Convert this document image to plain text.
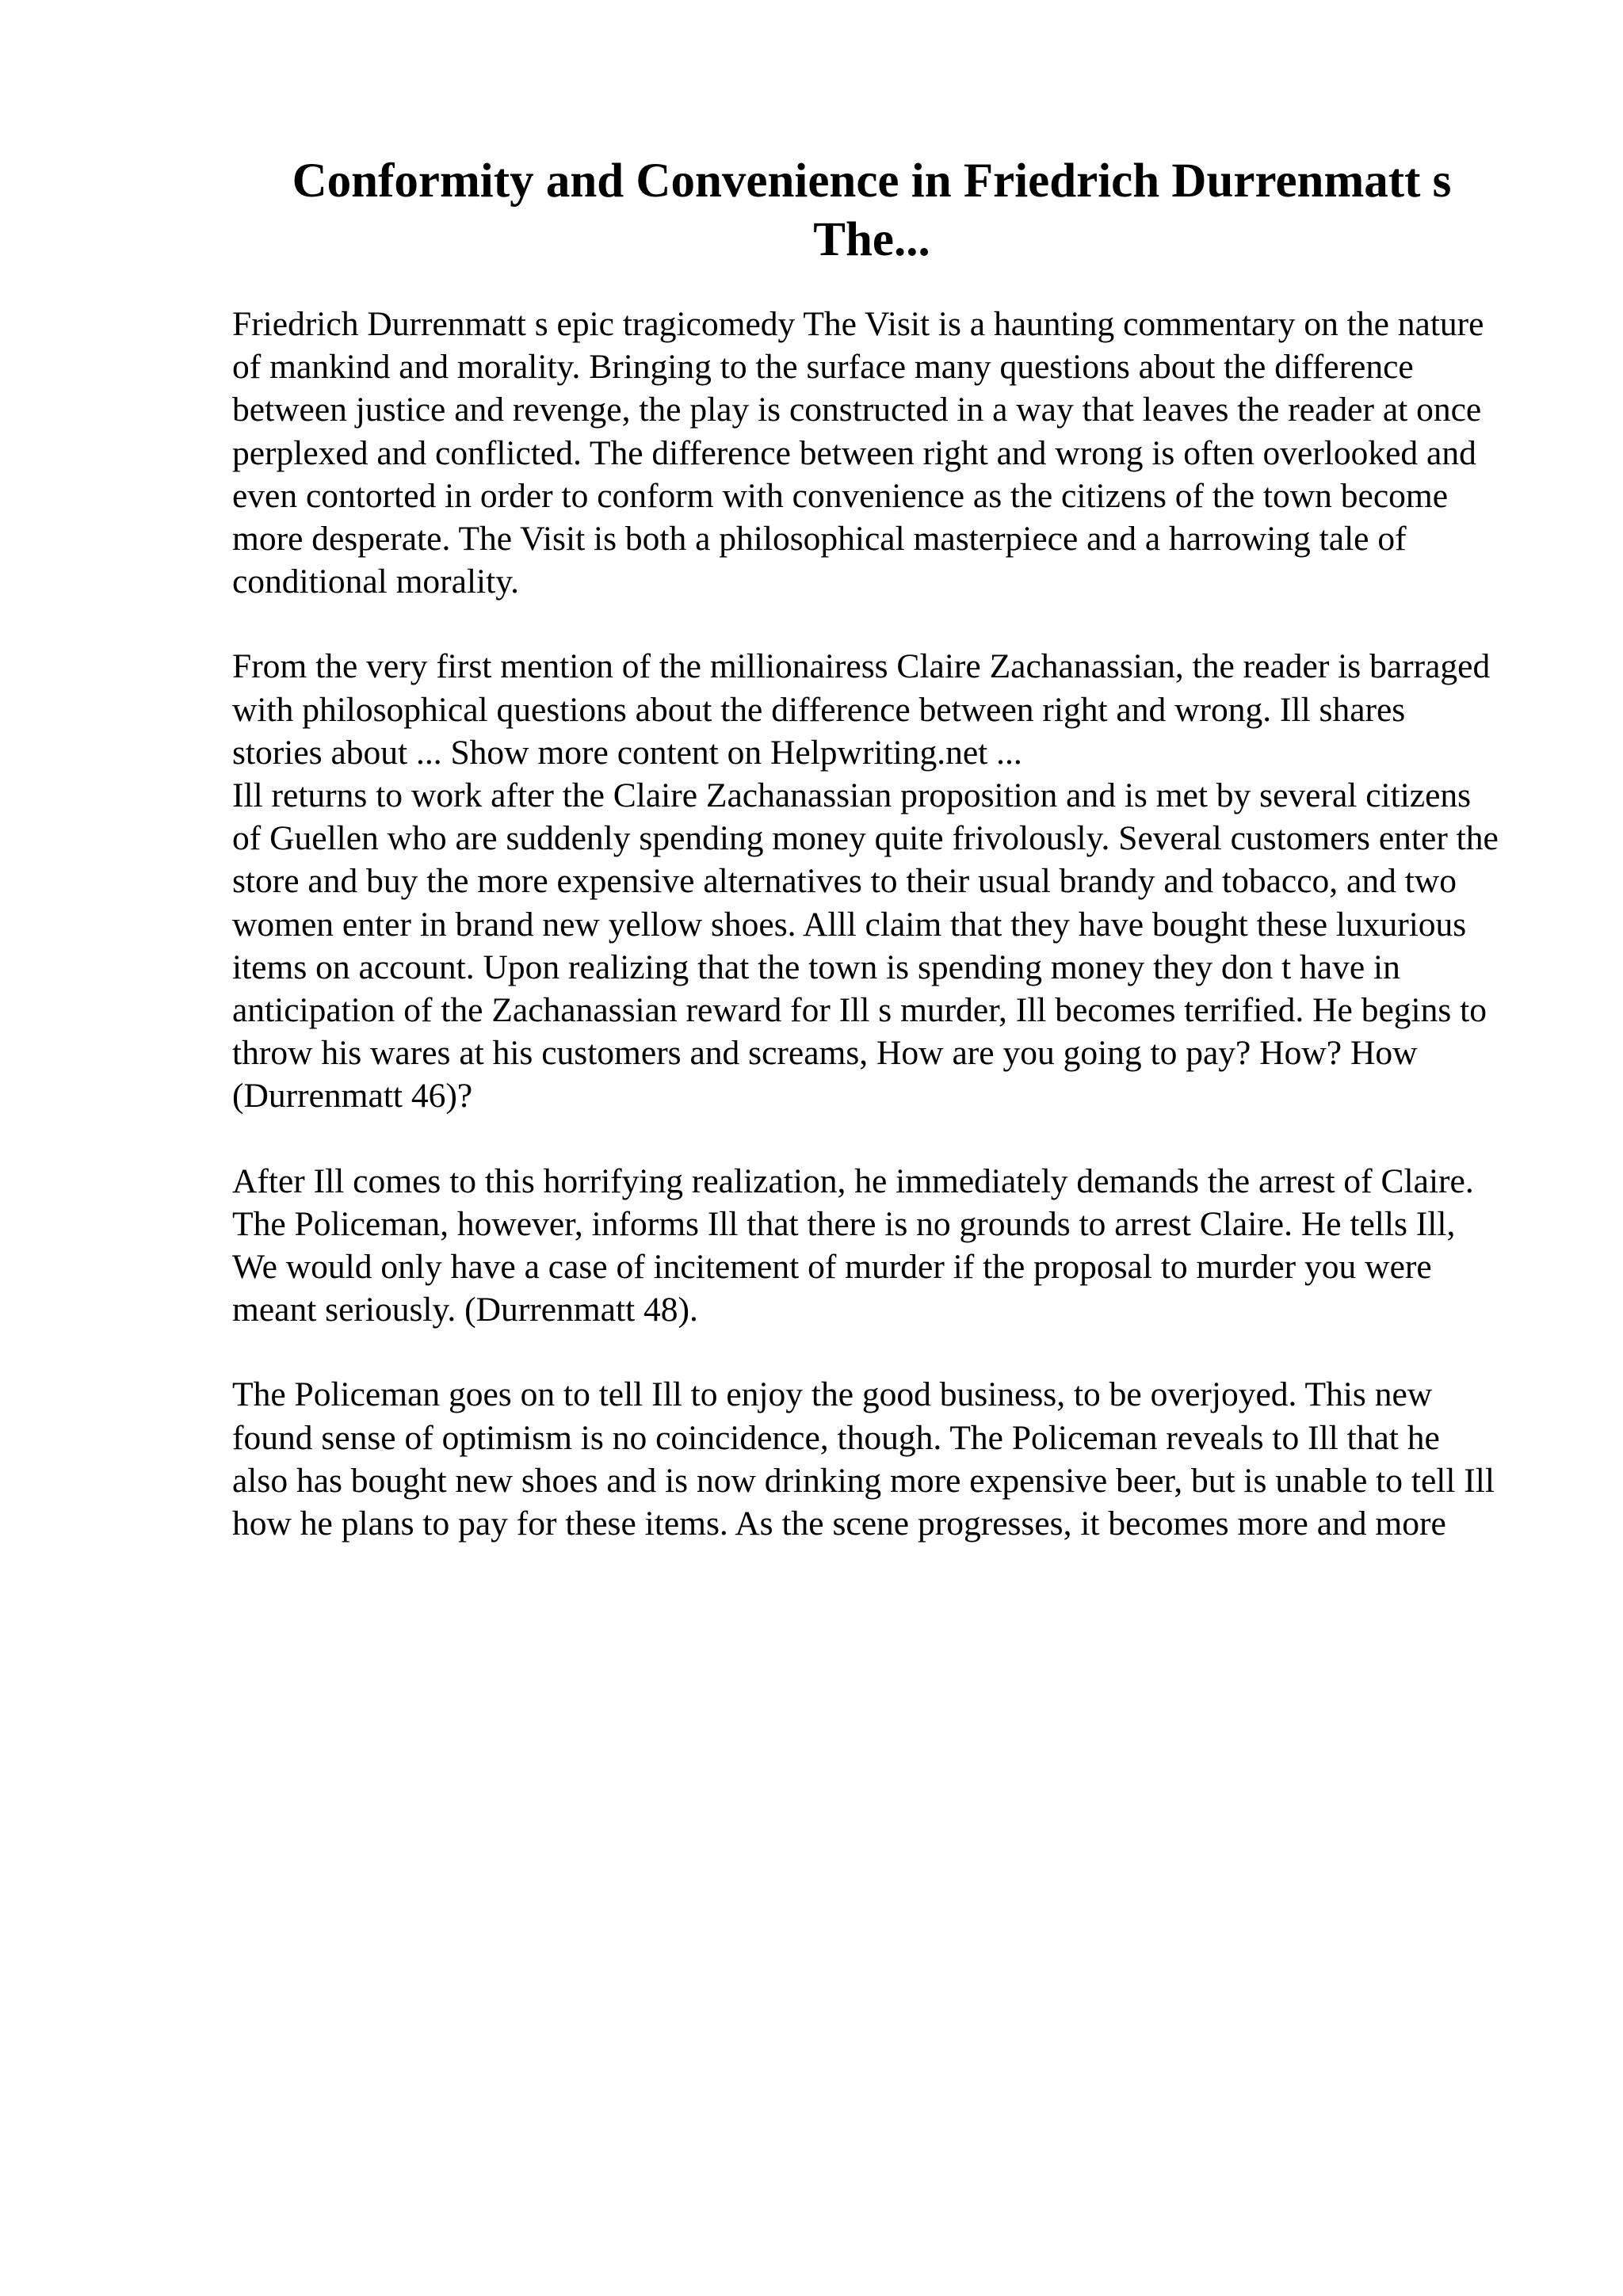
Conformity and Convenience in Friedrich Durrenmatt s The...

Friedrich Durrenmatt s epic tragicomedy The Visit is a haunting commentary on the nature of mankind and morality. Bringing to the surface many questions about the difference between justice and revenge, the play is constructed in a way that leaves the reader at once perplexed and conflicted. The difference between right and wrong is often overlooked and even contorted in order to conform with convenience as the citizens of the town become more desperate. The Visit is both a philosophical masterpiece and a harrowing tale of conditional morality.

From the very first mention of the millionairess Claire Zachanassian, the reader is barraged with philosophical questions about the difference between right and wrong. Ill shares stories about ... Show more content on Helpwriting.net ...

Ill returns to work after the Claire Zachanassian proposition and is met by several citizens of Guellen who are suddenly spending money quite frivolously. Several customers enter the store and buy the more expensive alternatives to their usual brandy and tobacco, and two women enter in brand new yellow shoes. Alll claim that they have bought these luxurious items on account. Upon realizing that the town is spending money they don t have in anticipation of the Zachanassian reward for Ill s murder, Ill becomes terrified. He begins to throw his wares at his customers and screams, How are you going to pay? How? How (Durrenmatt 46)?

After Ill comes to this horrifying realization, he immediately demands the arrest of Claire. The Policeman, however, informs Ill that there is no grounds to arrest Claire. He tells Ill, We would only have a case of incitement of murder if the proposal to murder you were meant seriously. (Durrenmatt 48).

The Policeman goes on to tell Ill to enjoy the good business, to be overjoyed. This new found sense of optimism is no coincidence, though. The Policeman reveals to Ill that he also has bought new shoes and is now drinking more expensive beer, but is unable to tell Ill how he plans to pay for these items. As the scene progresses, it becomes more and more
